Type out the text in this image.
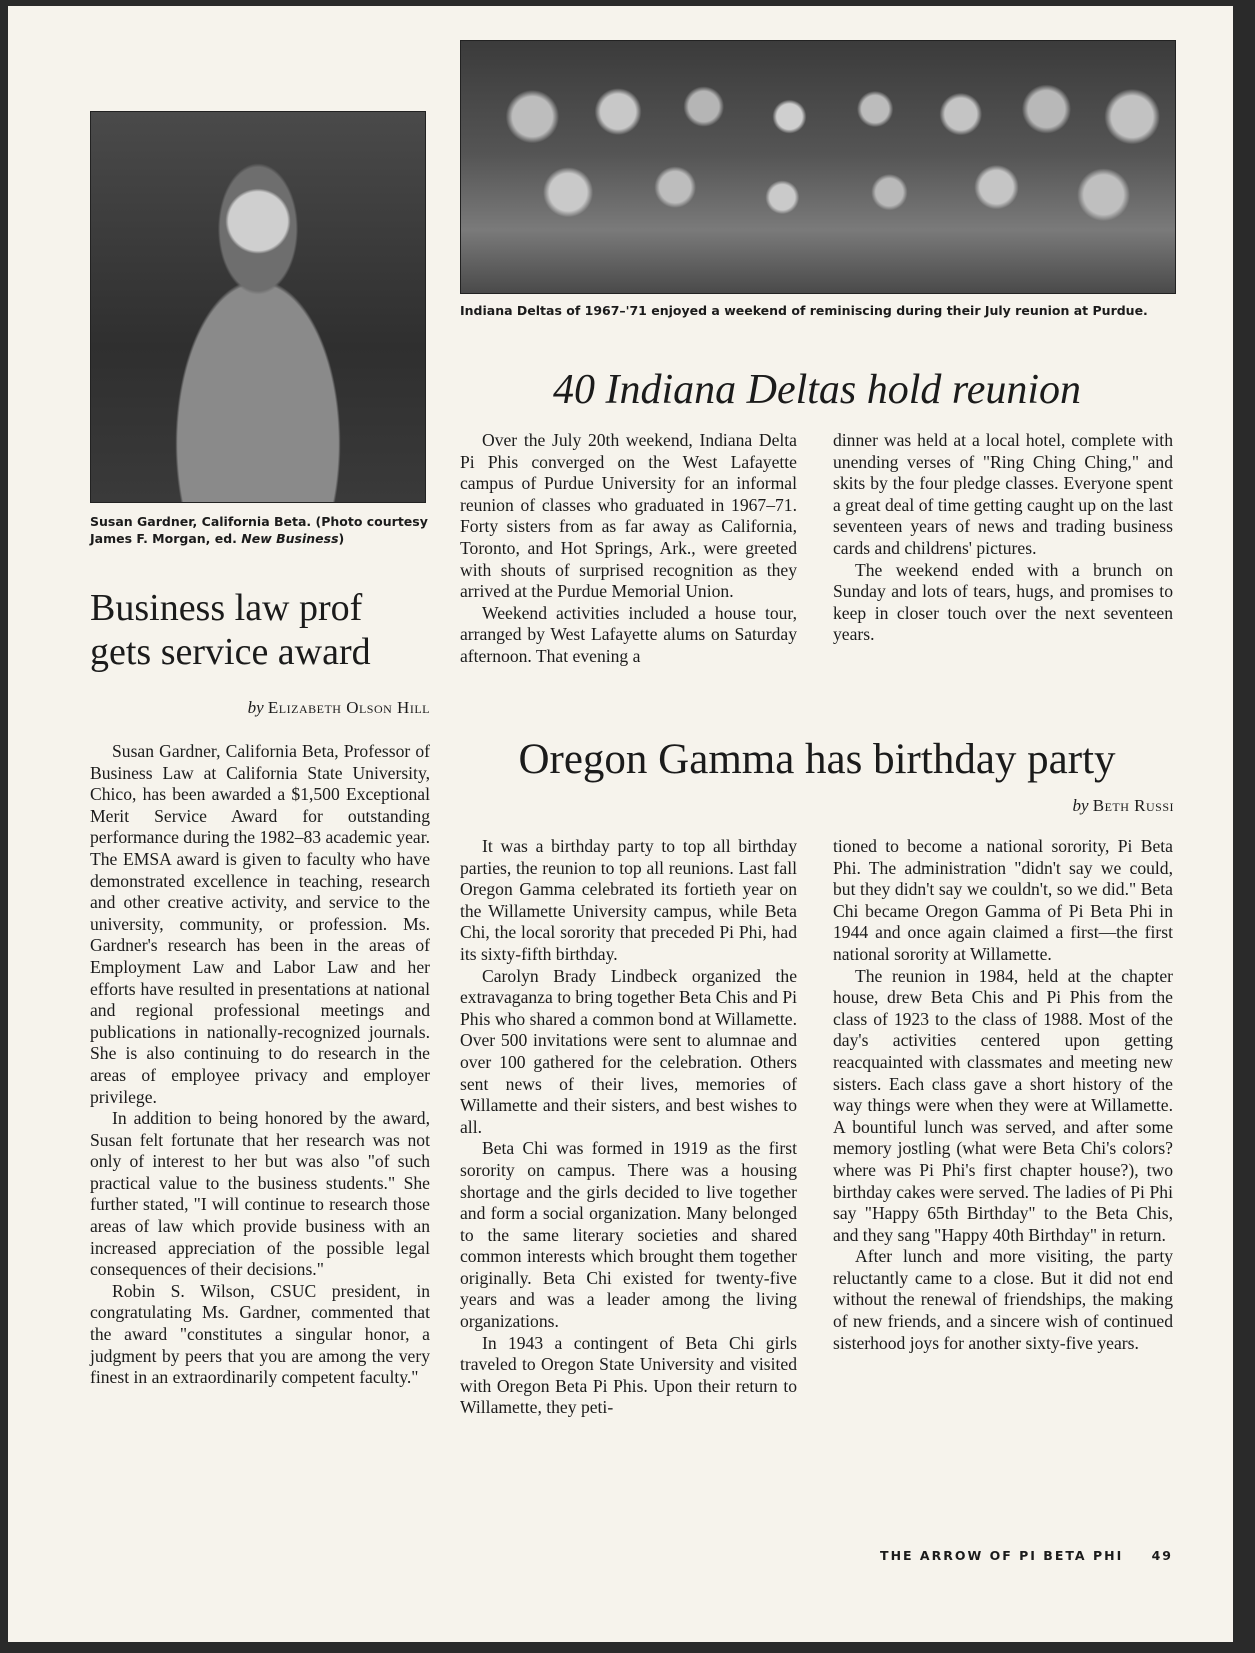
Susan Gardner, California Beta. (Photo courtesy James F. Morgan, ed. New Business)
Business law prof
gets service award
by Elizabeth Olson Hill

Susan Gardner, California Beta, Professor of Business Law at California State University, Chico, has been awarded a $1,500 Exceptional Merit Service Award for outstanding performance during the 1982–83 academic year. The EMSA award is given to faculty who have demonstrated excellence in teaching, research and other creative activity, and service to the university, community, or profession. Ms. Gardner's research has been in the areas of Employment Law and Labor Law and her efforts have resulted in presentations at national and regional professional meetings and publications in nationally-recognized journals. She is also continuing to do research in the areas of employee privacy and employer privilege.

In addition to being honored by the award, Susan felt fortunate that her research was not only of interest to her but was also "of such practical value to the business students." She further stated, "I will continue to research those areas of law which provide business with an increased appreciation of the possible legal consequences of their decisions."

Robin S. Wilson, CSUC president, in congratulating Ms. Gardner, commented that the award "constitutes a singular honor, a judgment by peers that you are among the very finest in an extraordinarily competent faculty."

Indiana Deltas of 1967–'71 enjoyed a weekend of reminiscing during their July reunion at Purdue.
40 Indiana Deltas hold reunion

Over the July 20th weekend, Indiana Delta Pi Phis converged on the West Lafayette campus of Purdue University for an informal reunion of classes who graduated in 1967–71. Forty sisters from as far away as California, Toronto, and Hot Springs, Ark., were greeted with shouts of surprised recognition as they arrived at the Purdue Memorial Union.

Weekend activities included a house tour, arranged by West Lafayette alums on Saturday afternoon. That evening a

dinner was held at a local hotel, complete with unending verses of "Ring Ching Ching," and skits by the four pledge classes. Everyone spent a great deal of time getting caught up on the last seventeen years of news and trading business cards and childrens' pictures.

The weekend ended with a brunch on Sunday and lots of tears, hugs, and promises to keep in closer touch over the next seventeen years.

Oregon Gamma has birthday party
by Beth Russi

It was a birthday party to top all birthday parties, the reunion to top all reunions. Last fall Oregon Gamma celebrated its fortieth year on the Willamette University campus, while Beta Chi, the local sorority that preceded Pi Phi, had its sixty-fifth birthday.

Carolyn Brady Lindbeck organized the extravaganza to bring together Beta Chis and Pi Phis who shared a common bond at Willamette. Over 500 invitations were sent to alumnae and over 100 gathered for the celebration. Others sent news of their lives, memories of Willamette and their sisters, and best wishes to all.

Beta Chi was formed in 1919 as the first sorority on campus. There was a housing shortage and the girls decided to live together and form a social organization. Many belonged to the same literary societies and shared common interests which brought them together originally. Beta Chi existed for twenty-five years and was a leader among the living organizations.

In 1943 a contingent of Beta Chi girls traveled to Oregon State University and visited with Oregon Beta Pi Phis. Upon their return to Willamette, they peti-

tioned to become a national sorority, Pi Beta Phi. The administration "didn't say we could, but they didn't say we couldn't, so we did." Beta Chi became Oregon Gamma of Pi Beta Phi in 1944 and once again claimed a first—the first national sorority at Willamette.

The reunion in 1984, held at the chapter house, drew Beta Chis and Pi Phis from the class of 1923 to the class of 1988. Most of the day's activities centered upon getting reacquainted with classmates and meeting new sisters. Each class gave a short history of the way things were when they were at Willamette. A bountiful lunch was served, and after some memory jostling (what were Beta Chi's colors? where was Pi Phi's first chapter house?), two birthday cakes were served. The ladies of Pi Phi say "Happy 65th Birthday" to the Beta Chis, and they sang "Happy 40th Birthday" in return.

After lunch and more visiting, the party reluctantly came to a close. But it did not end without the renewal of friendships, the making of new friends, and a sincere wish of continued sisterhood joys for another sixty-five years.

THE ARROW OF PI BETA PHI 49
